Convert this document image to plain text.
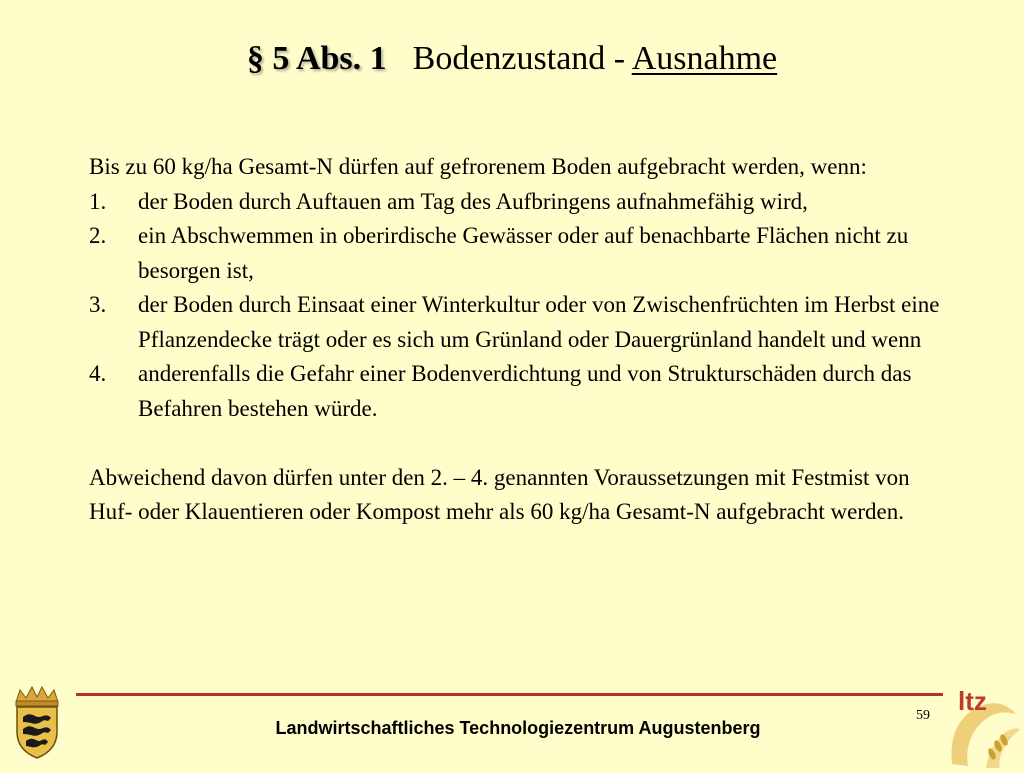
§ 5 Abs. 1 Bodenzustand - Ausnahme

Bis zu 60 kg/ha Gesamt-N dürfen auf gefrorenem Boden aufgebracht werden, wenn:

1. der Boden durch Auftauen am Tag des Aufbringens aufnahmefähig wird,
2. ein Abschwemmen in oberirdische Gewässer oder auf benachbarte Flächen nicht zu besorgen ist,
3. der Boden durch Einsaat einer Winterkultur oder von Zwischenfrüchten im Herbst eine Pflanzendecke trägt oder es sich um Grünland oder Dauergrünland handelt und wenn
4. anderenfalls die Gefahr einer Bodenverdichtung und von Strukturschäden durch das Befahren bestehen würde.

Abweichend davon dürfen unter den 2. – 4. genannten Voraussetzungen mit Festmist von Huf- oder Klauentieren oder Kompost mehr als 60 kg/ha Gesamt-N aufgebracht werden.

59
Landwirtschaftliches Technologiezentrum Augustenberg
ltz
